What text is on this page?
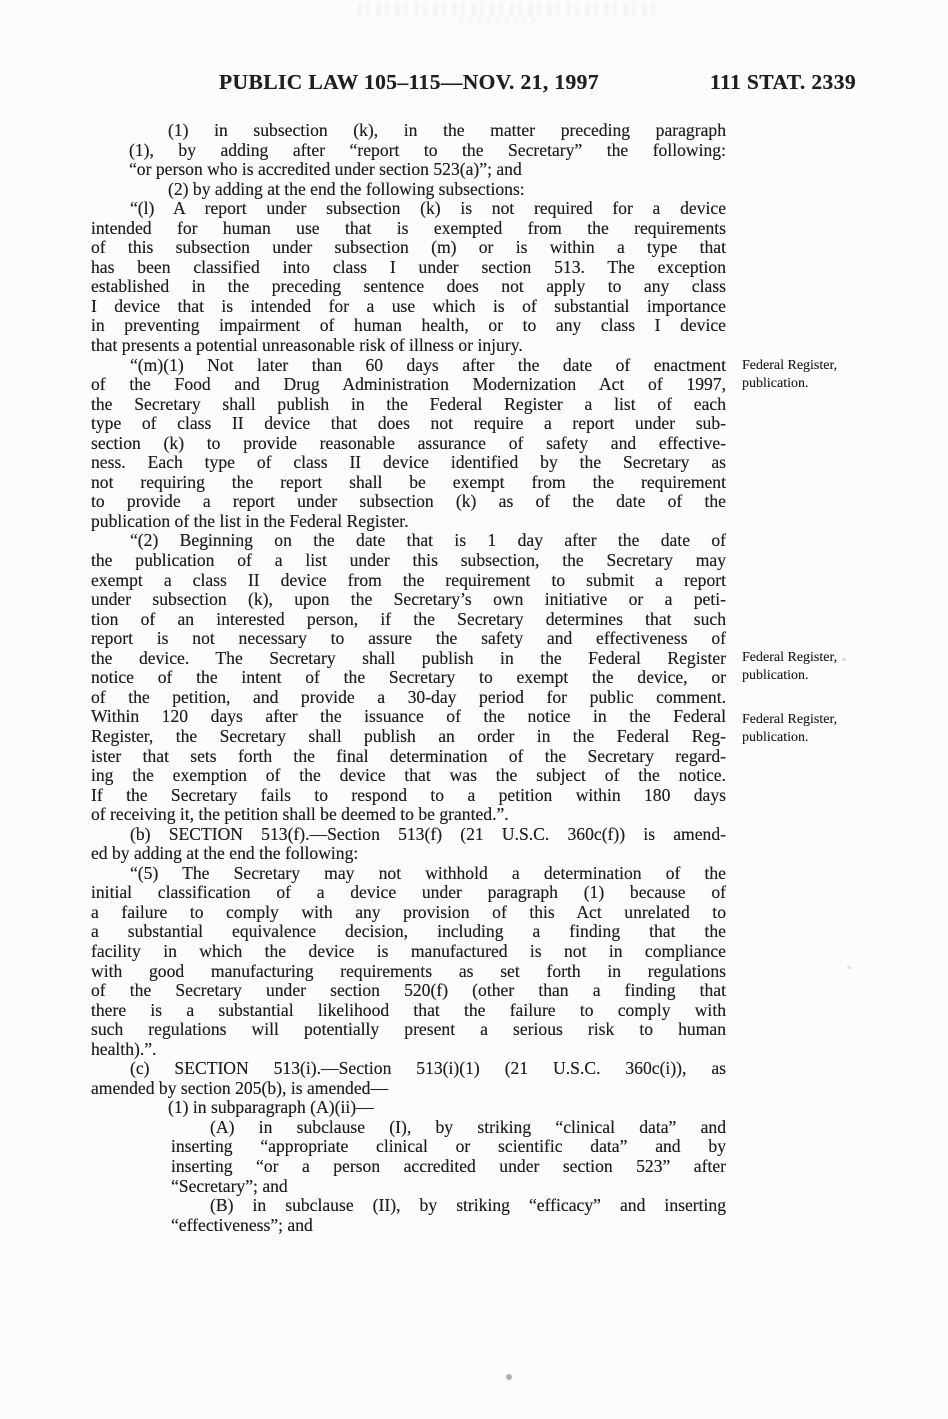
PUBLIC LAW 105–115—NOV. 21, 1997	111 STAT. 2339
(1) in subsection (k), in the matter preceding paragraph
(1), by adding after “report to the Secretary” the following:
“or person who is accredited under section 523(a)”; and
(2) by adding at the end the following subsections:
“(l) A report under subsection (k) is not required for a device
intended for human use that is exempted from the requirements
of this subsection under subsection (m) or is within a type that
has been classified into class I under section 513. The exception
established in the preceding sentence does not apply to any class
I device that is intended for a use which is of substantial importance
in preventing impairment of human health, or to any class I device
that presents a potential unreasonable risk of illness or injury.
“(m)(1) Not later than 60 days after the date of enactment
of the Food and Drug Administration Modernization Act of 1997,
the Secretary shall publish in the Federal Register a list of each
type of class II device that does not require a report under sub-
section (k) to provide reasonable assurance of safety and effective-
ness. Each type of class II device identified by the Secretary as
not requiring the report shall be exempt from the requirement
to provide a report under subsection (k) as of the date of the
publication of the list in the Federal Register.
“(2) Beginning on the date that is 1 day after the date of
the publication of a list under this subsection, the Secretary may
exempt a class II device from the requirement to submit a report
under subsection (k), upon the Secretary’s own initiative or a peti-
tion of an interested person, if the Secretary determines that such
report is not necessary to assure the safety and effectiveness of
the device. The Secretary shall publish in the Federal Register
notice of the intent of the Secretary to exempt the device, or
of the petition, and provide a 30-day period for public comment.
Within 120 days after the issuance of the notice in the Federal
Register, the Secretary shall publish an order in the Federal Reg-
ister that sets forth the final determination of the Secretary regard-
ing the exemption of the device that was the subject of the notice.
If the Secretary fails to respond to a petition within 180 days
of receiving it, the petition shall be deemed to be granted.”.
(b) SECTION 513(f).—Section 513(f) (21 U.S.C. 360c(f)) is amend-
ed by adding at the end the following:
“(5) The Secretary may not withhold a determination of the
initial classification of a device under paragraph (1) because of
a failure to comply with any provision of this Act unrelated to
a substantial equivalence decision, including a finding that the
facility in which the device is manufactured is not in compliance
with good manufacturing requirements as set forth in regulations
of the Secretary under section 520(f) (other than a finding that
there is a substantial likelihood that the failure to comply with
such regulations will potentially present a serious risk to human
health).”.
(c) SECTION 513(i).—Section 513(i)(1) (21 U.S.C. 360c(i)), as
amended by section 205(b), is amended—
(1) in subparagraph (A)(ii)—
(A) in subclause (I), by striking “clinical data” and
inserting “appropriate clinical or scientific data” and by
inserting “or a person accredited under section 523” after
“Secretary”; and
(B) in subclause (II), by striking “efficacy” and inserting
“effectiveness”; and
Federal Register,
publication.
Federal Register,
publication.
Federal Register,
publication.
